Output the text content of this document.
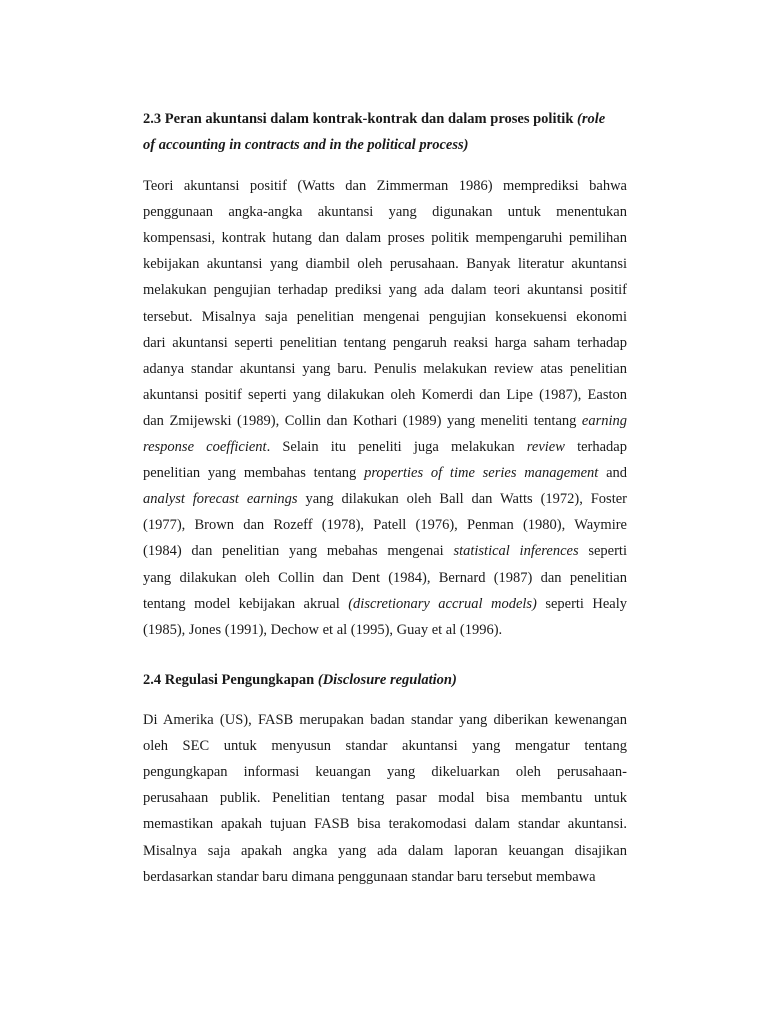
2.3 Peran akuntansi dalam kontrak-kontrak dan dalam proses politik (role
of accounting in contracts and in the political process)
Teori akuntansi positif (Watts dan Zimmerman 1986) memprediksi bahwa
penggunaan angka-angka akuntansi yang digunakan untuk menentukan
kompensasi, kontrak hutang dan dalam proses politik mempengaruhi pemilihan
kebijakan akuntansi yang diambil oleh perusahaan. Banyak literatur akuntansi
melakukan pengujian terhadap prediksi yang ada dalam teori akuntansi positif
tersebut. Misalnya saja penelitian mengenai pengujian konsekuensi ekonomi
dari akuntansi seperti penelitian tentang pengaruh reaksi harga saham terhadap
adanya standar akuntansi yang baru. Penulis melakukan review atas penelitian
akuntansi positif seperti yang dilakukan oleh Komerdi dan Lipe (1987), Easton
dan Zmijewski (1989), Collin dan Kothari (1989) yang meneliti tentang earning
response coefficient. Selain itu peneliti juga melakukan review terhadap
penelitian yang membahas tentang properties of time series management and
analyst forecast earnings yang dilakukan oleh Ball dan Watts (1972), Foster
(1977), Brown dan Rozeff (1978), Patell (1976), Penman (1980), Waymire
(1984) dan penelitian yang mebahas mengenai statistical inferences seperti
yang dilakukan oleh Collin dan Dent (1984), Bernard (1987) dan penelitian
tentang model kebijakan akrual (discretionary accrual models) seperti Healy
(1985), Jones (1991), Dechow et al (1995), Guay et al (1996).
2.4 Regulasi Pengungkapan (Disclosure regulation)
Di Amerika (US), FASB merupakan badan standar yang diberikan kewenangan
oleh SEC untuk menyusun standar akuntansi yang mengatur tentang
pengungkapan informasi keuangan yang dikeluarkan oleh perusahaan-
perusahaan publik. Penelitian tentang pasar modal bisa membantu untuk
memastikan apakah tujuan FASB bisa terakomodasi dalam standar akuntansi.
Misalnya saja apakah angka yang ada dalam laporan keuangan disajikan
berdasarkan standar baru dimana penggunaan standar baru tersebut membawa
